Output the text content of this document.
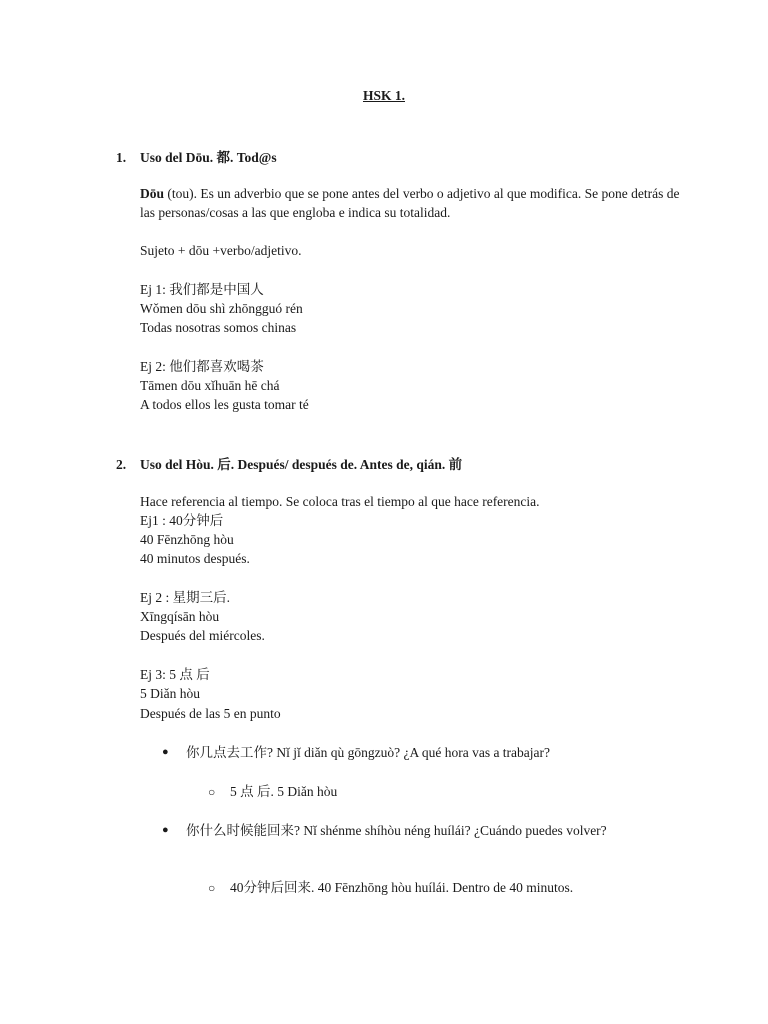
HSK 1.
1. Uso del Dōu. 都. Tod@s
Dōu (tou). Es un adverbio que se pone antes del verbo o adjetivo al que modifica. Se pone detrás de las personas/cosas a las que engloba e indica su totalidad.
Sujeto + dōu +verbo/adjetivo.
Ej 1: 我们都是中国人
Wǒmen dōu shì zhōngguó rén
Todas nosotras somos chinas
Ej 2: 他们都喜欢喝茶
Tāmen dōu xǐhuān hē chá
A todos ellos les gusta tomar té
2. Uso del Hòu. 后. Después/ después de. Antes de, qián. 前
Hace referencia al tiempo. Se coloca tras el tiempo al que hace referencia.
Ej1 : 40分钟后
40 Fēnzhōng hòu
40 minutos después.
Ej 2 : 星期三后.
Xīngqísān hòu
Después del miércoles.
Ej 3: 5 点 后
5 Diǎn hòu
Después de las 5 en punto
●	你几点去工作? Nǐ jǐ diǎn qù gōngzuò? ¿A qué hora vas a trabajar?
○ 5 点 后. 5 Diǎn hòu
●	你什么时候能回来? Nǐ shénme shíhòu néng huílái? ¿Cuándo puedes volver?
○ 40分钟后回来. 40 Fēnzhōng hòu huílái. Dentro de 40 minutos.
